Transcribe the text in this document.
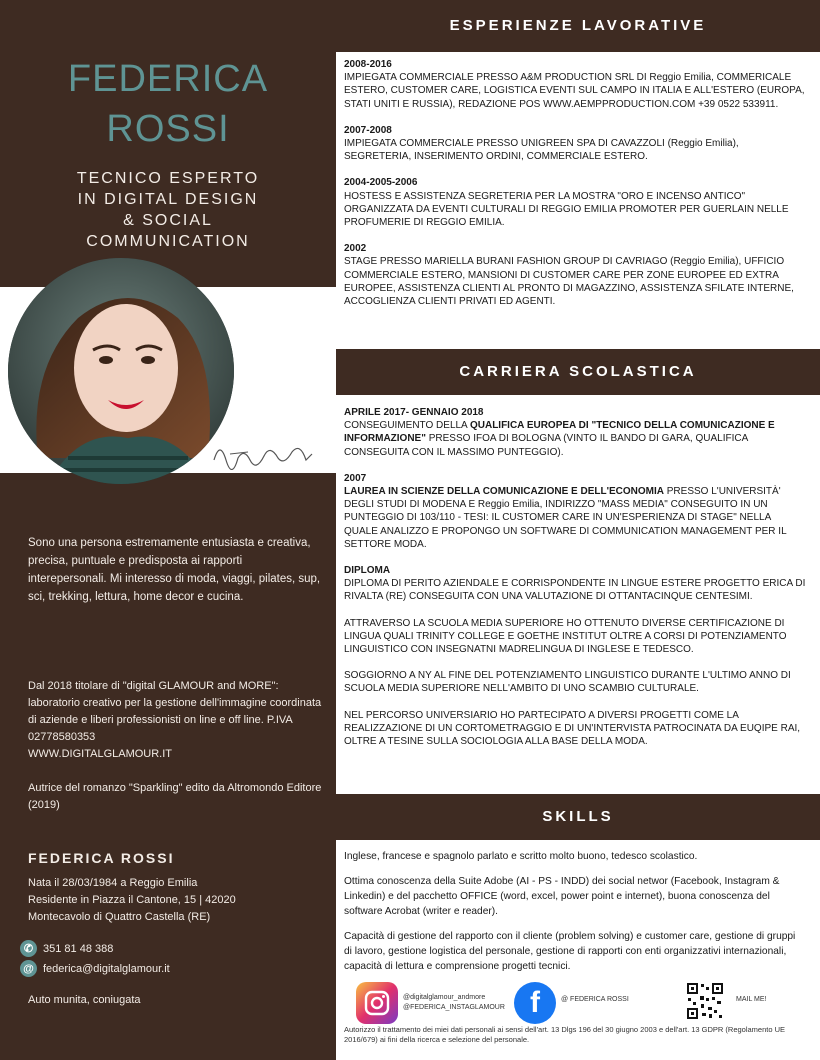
FEDERICA
ROSSI
TECNICO ESPERTO
IN DIGITAL DESIGN
& SOCIAL
COMMUNICATION
Sono una persona estremamente entusiasta e creativa, precisa, puntuale e predisposta ai rapporti interepersonali. Mi interesso di moda, viaggi, pilates, sup, sci, trekking, lettura, home decor e cucina.
Dal 2018 titolare di "digital GLAMOUR and MORE": laboratorio creativo per la gestione dell'immagine coordinata di aziende e liberi professionisti on line e off line. P.IVA 02778580353
WWW.DIGITALGLAMOUR.IT
Autrice del romanzo "Sparkling" edito da Altromondo Editore (2019)
FEDERICA ROSSI
Nata il 28/03/1984 a Reggio Emilia
Residente in Piazza il Cantone, 15 | 42020
Montecavolo di Quattro Castella (RE)
✆ 351 81 48 388
@ federica@digitalglamour.it
Auto munita, coniugata
ESPERIENZE LAVORATIVE

2008-2016

IMPIEGATA COMMERCIALE PRESSO A&M PRODUCTION SRL DI Reggio Emilia, COMMERICALE ESTERO, CUSTOMER CARE, LOGISTICA EVENTI SUL CAMPO IN ITALIA E ALL'ESTERO (EUROPA, STATI UNITI E RUSSIA), REDAZIONE POS WWW.AEMPPRODUCTION.COM +39 0522 533911.

2007-2008

IMPIEGATA COMMERCIALE PRESSO UNIGREEN SPA DI CAVAZZOLI (Reggio Emilia), SEGRETERIA, INSERIMENTO ORDINI, COMMERCIALE ESTERO.

2004-2005-2006

HOSTESS E ASSISTENZA SEGRETERIA PER LA MOSTRA "ORO E INCENSO ANTICO" ORGANIZZATA DA EVENTI CULTURALI DI REGGIO EMILIA PROMOTER PER GUERLAIN NELLE PROFUMERIE DI REGGIO EMILIA.

2002

STAGE PRESSO MARIELLA BURANI FASHION GROUP DI CAVRIAGO (Reggio Emilia), UFFICIO COMMERCIALE ESTERO, MANSIONI DI CUSTOMER CARE PER ZONE EUROPEE ED EXTRA EUROPEE, ASSISTENZA CLIENTI AL PRONTO DI MAGAZZINO, ASSISTENZA SFILATE INTERNE, ACCOGLIENZA CLIENTI PRIVATI ED AGENTI.

CARRIERA SCOLASTICA

APRILE 2017- GENNAIO 2018

CONSEGUIMENTO DELLA QUALIFICA EUROPEA DI "TECNICO DELLA COMUNICAZIONE E INFORMAZIONE" PRESSO IFOA DI BOLOGNA (VINTO IL BANDO DI GARA, QUALIFICA CONSEGUITA CON IL MASSIMO PUNTEGGIO).

2007

LAUREA IN SCIENZE DELLA COMUNICAZIONE E DELL'ECONOMIA PRESSO L'UNIVERSITÀ' DEGLI STUDI DI MODENA E Reggio Emilia, INDIRIZZO "MASS MEDIA" CONSEGUITO IN UN PUNTEGGIO DI 103/110 - TESI: IL CUSTOMER CARE IN UN'ESPERIENZA DI STAGE" NELLA QUALE ANALIZZO E PROPONGO UN SOFTWARE DI COMMUNICATION MANAGEMENT PER IL SETTORE MODA.

DIPLOMA

DIPLOMA DI PERITO AZIENDALE E CORRISPONDENTE IN LINGUE ESTERE PROGETTO ERICA DI RIVALTA (RE) CONSEGUITA CON UNA VALUTAZIONE DI OTTANTACINQUE CENTESIMI.

ATTRAVERSO LA SCUOLA MEDIA SUPERIORE HO OTTENUTO DIVERSE CERTIFICAZIONE DI LINGUA QUALI TRINITY COLLEGE E GOETHE INSTITUT OLTRE A CORSI DI POTENZIAMENTO LINGUISTICO CON INSEGNATNI MADRELINGUA DI INGLESE E TEDESCO.

SOGGIORNO A NY AL FINE DEL POTENZIAMENTO LINGUISTICO DURANTE L'ULTIMO ANNO DI SCUOLA MEDIA SUPERIORE NELL'AMBITO DI UNO SCAMBIO CULTURALE.

NEL PERCORSO UNIVERSIARIO HO PARTECIPATO A DIVERSI PROGETTI COME LA REALIZZAZIONE DI UN CORTOMETRAGGIO E DI UN'INTERVISTA PATROCINATA DA EUQIPE RAI, OLTRE A TESINE SULLA SOCIOLOGIA ALLA BASE DELLA MODA.

SKILLS

Inglese, francese e spagnolo parlato e scritto molto buono, tedesco scolastico.

Ottima conoscenza della Suite Adobe (AI - PS - INDD) dei social networ (Facebook, Instagram & Linkedin) e del pacchetto OFFICE (word, excel, power point e internet), buona conoscenza del software Acrobat (writer e reader).

Capacità di gestione del rapporto con il cliente (problem solving) e customer care, gestione di gruppi di lavoro, gestione logistica del personale, gestione di rapporti con enti organizzativi internazionali, capacità di lettura e comprensione progetti tecnici.

@digitalglamour_andmore
@FEDERICA_INSTAGLAMOUR f	@ FEDERICA ROSSI	MAIL ME!
Autorizzo il trattamento dei miei dati personali ai sensi dell'art. 13 Dlgs 196 del 30 giugno 2003 e dell'art. 13 GDPR (Regolamento UE 2016/679) ai fini della ricerca e selezione del personale.
